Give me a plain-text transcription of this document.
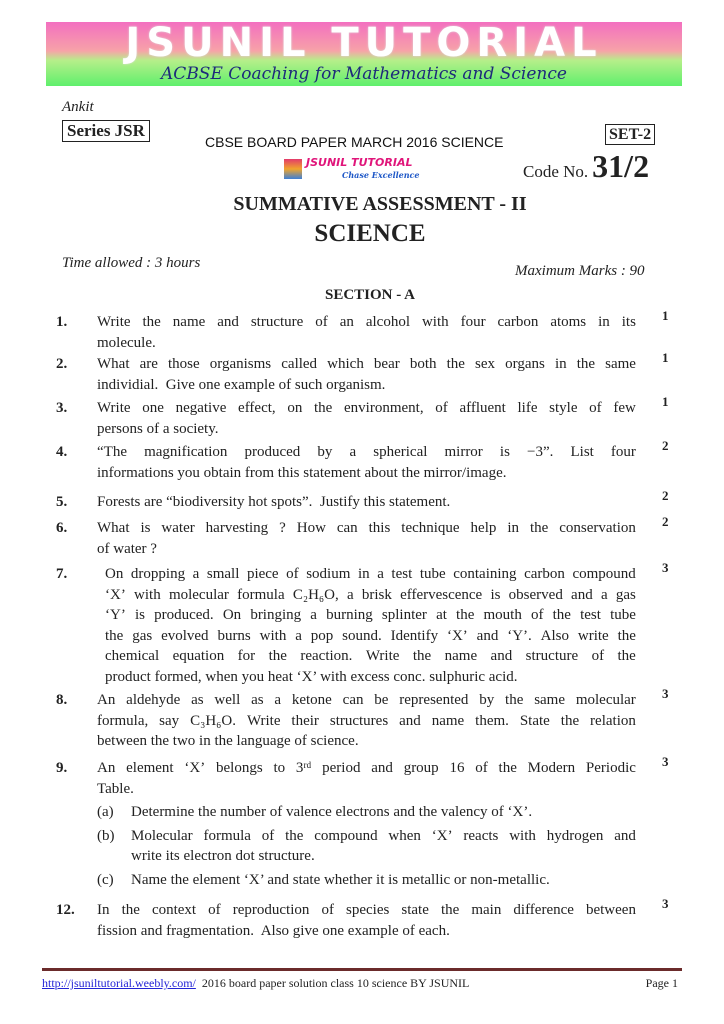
JSUNIL TUTORIAL
ACBSE Coaching for Mathematics and Science
Ankit
Series JSR
CBSE BOARD PAPER MARCH 2016 SCIENCE	SET-2
Code No. 31/2
JSUNIL TUTORIAL
Chase Excellence
SUMMATIVE ASSESSMENT - II
SCIENCE
Time allowed : 3 hours	Maximum Marks : 90
SECTION - A
1. Write the name and structure of an alcohol with four carbon atoms in its
molecule.
1
2. What are those organisms called which bear both the sex organs in the same
individial.  Give one example of such organism.
1
3. Write one negative effect, on the environment, of affluent life style of few
persons of a society.
1
4. “The magnification produced by a spherical mirror is −3”. List four
informations you obtain from this statement about the mirror/image.
2
5. Forests are “biodiversity hot spots”.  Justify this statement.	2
6. What is water harvesting ? How can this technique help in the conservation
of water ?
2
7.	On dropping a small piece of sodium in a test tube containing carbon compound
‘X’ with molecular formula C₂H₆O, a brisk effervescence is observed and a gas
‘Y’ is produced. On bringing a burning splinter at the mouth of the test tube
the gas evolved burns with a pop sound. Identify ‘X’ and ‘Y’. Also write the
chemical equation for the reaction. Write the name and structure of the
product formed, when you heat ‘X’ with excess conc. sulphuric acid.
3
8. An aldehyde as well as a ketone can be represented by the same molecular
formula, say C₃H₆O. Write their structures and name them. State the relation
between the two in the language of science.
3
9. An element ‘X’ belongs to 3ʳᵈ period and group 16 of the Modern Periodic
Table.
(a) Determine the number of valence electrons and the valency of ‘X’.
(b) Molecular formula of the compound when ‘X’ reacts with hydrogen and
write its electron dot structure.
(c) Name the element ‘X’ and state whether it is metallic or non-metallic.
3
12. In the context of reproduction of species state the main difference between
fission and fragmentation.  Also give one example of each.
3
http://jsuniltutorial.weebly.com/ 2016 board paper solution class 10 science BY JSUNIL	Page 1
